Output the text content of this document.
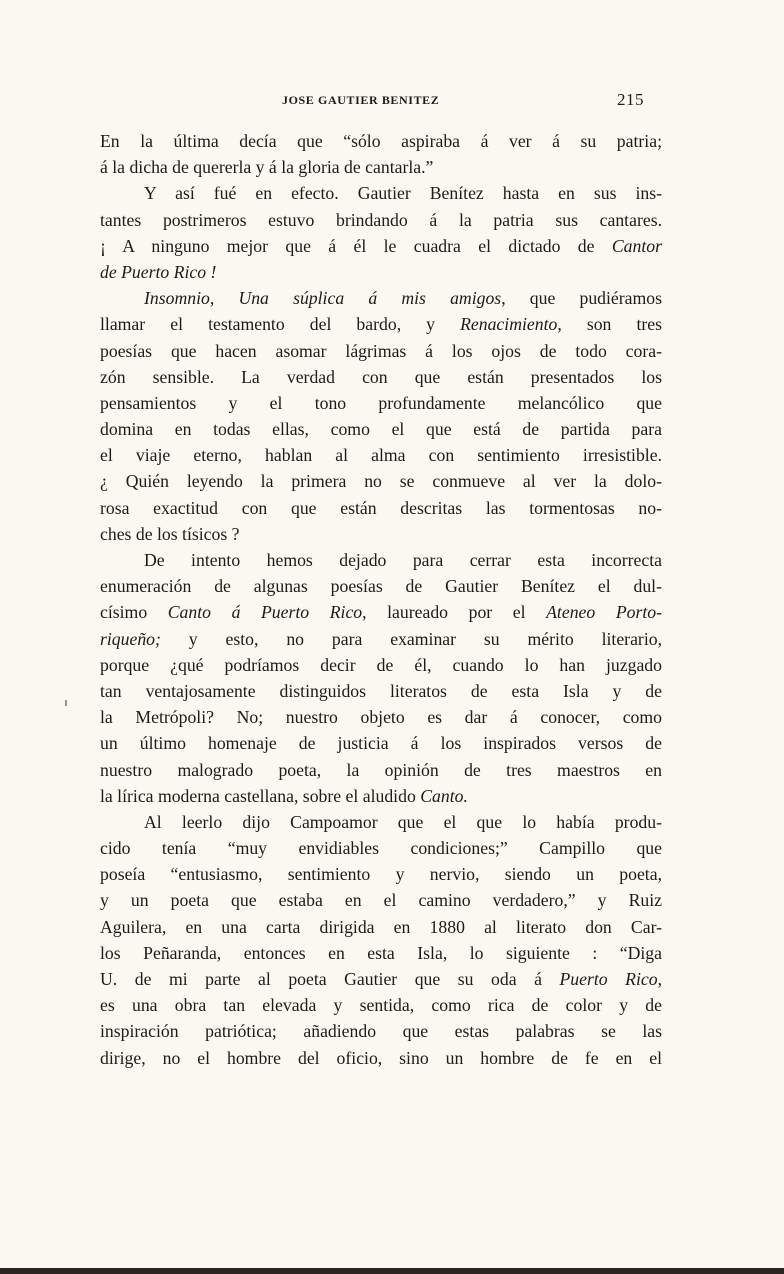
JOSE GAUTIER BENITEZ	215
En la última decía que “sólo aspiraba á ver á su patria;
á la dicha de quererla y á la gloria de cantarla.”
Y así fué en efecto. Gautier Benítez hasta en sus ins-
tantes postrimeros estuvo brindando á la patria sus cantares.
¡ A ninguno mejor que á él le cuadra el dictado de Cantor
de Puerto Rico !
Insomnio, Una súplica á mis amigos, que pudiéramos
llamar el testamento del bardo, y Renacimiento, son tres
poesías que hacen asomar lágrimas á los ojos de todo cora-
zón sensible. La verdad con que están presentados los
pensamientos y el tono profundamente melancólico que
domina en todas ellas, como el que está de partida para
el viaje eterno, hablan al alma con sentimiento irresistible.
¿ Quién leyendo la primera no se conmueve al ver la dolo-
rosa exactitud con que están descritas las tormentosas no-
ches de los tísicos ?
De intento hemos dejado para cerrar esta incorrecta
enumeración de algunas poesías de Gautier Benítez el dul-
císimo Canto á Puerto Rico, laureado por el Ateneo Porto-
riqueño; y esto, no para examinar su mérito literario,
porque ¿qué podríamos decir de él, cuando lo han juzgado
tan ventajosamente distinguidos literatos de esta Isla y de
la Metrópoli? No; nuestro objeto es dar á conocer, como
un último homenaje de justicia á los inspirados versos de
nuestro malogrado poeta, la opinión de tres maestros en
la lírica moderna castellana, sobre el aludido Canto.
Al leerlo dijo Campoamor que el que lo había produ-
cido tenía “muy envidiables condiciones;” Campillo que
poseía “entusiasmo, sentimiento y nervio, siendo un poeta,
y un poeta que estaba en el camino verdadero,” y Ruiz
Aguilera, en una carta dirigida en 1880 al literato don Car-
los Peñaranda, entonces en esta Isla, lo siguiente : “Diga
U. de mi parte al poeta Gautier que su oda á Puerto Rico,
es una obra tan elevada y sentida, como rica de color y de
inspiración patriótica; añadiendo que estas palabras se las
dirige, no el hombre del oficio, sino un hombre de fe en el
